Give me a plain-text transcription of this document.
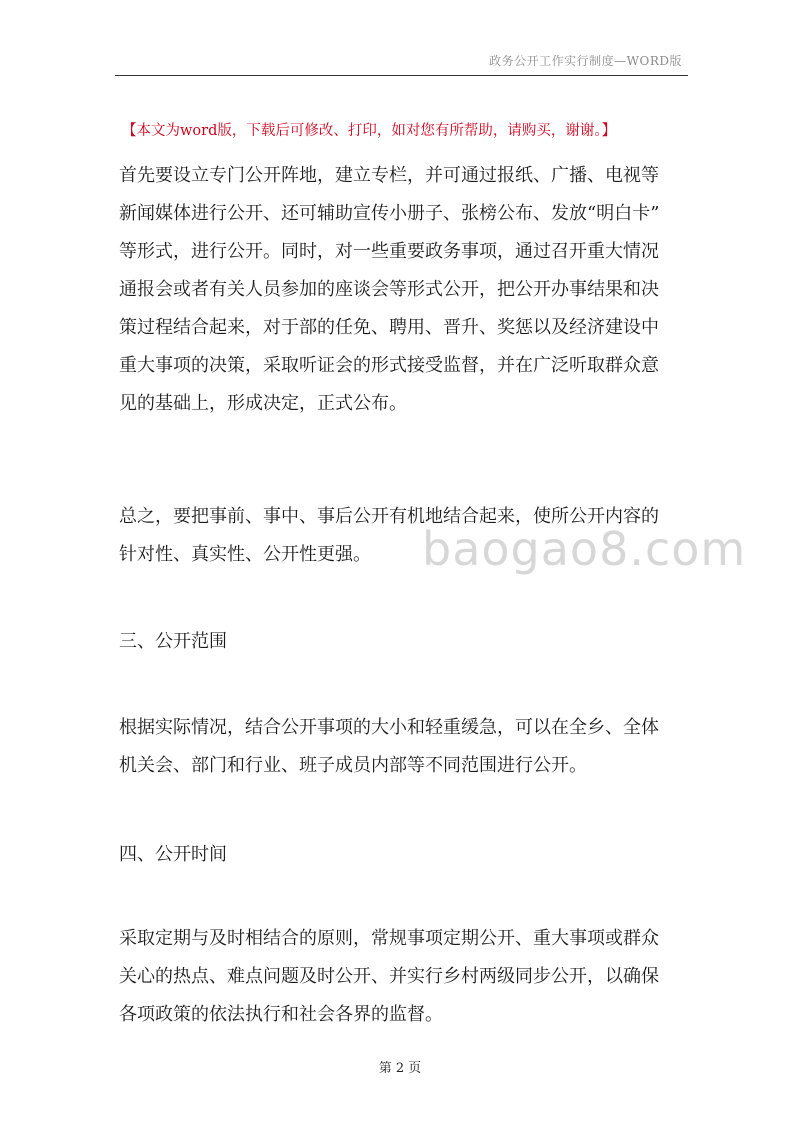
政务公开工作实行制度—WORD版
【本文为word版，下载后可修改、打印，如对您有所帮助，请购买，谢谢。】
首先要设立专门公开阵地，建立专栏，并可通过报纸、广播、电视等
新闻媒体进行公开、还可辅助宣传小册子、张榜公布、发放“明白卡”
等形式，进行公开。同时，对一些重要政务事项，通过召开重大情况
通报会或者有关人员参加的座谈会等形式公开，把公开办事结果和决
策过程结合起来，对于部的任免、聘用、晋升、奖惩以及经济建设中
重大事项的决策，采取听证会的形式接受监督，并在广泛听取群众意
见的基础上，形成决定，正式公布。
总之，要把事前、事中、事后公开有机地结合起来，使所公开内容的
针对性、真实性、公开性更强。
三、公开范围
根据实际情况，结合公开事项的大小和轻重缓急，可以在全乡、全体
机关会、部门和行业、班子成员内部等不同范围进行公开。
四、公开时间
采取定期与及时相结合的原则，常规事项定期公开、重大事项或群众
关心的热点、难点问题及时公开、并实行乡村两级同步公开，以确保
各项政策的依法执行和社会各界的监督。
baogao8.com
第 2 页
